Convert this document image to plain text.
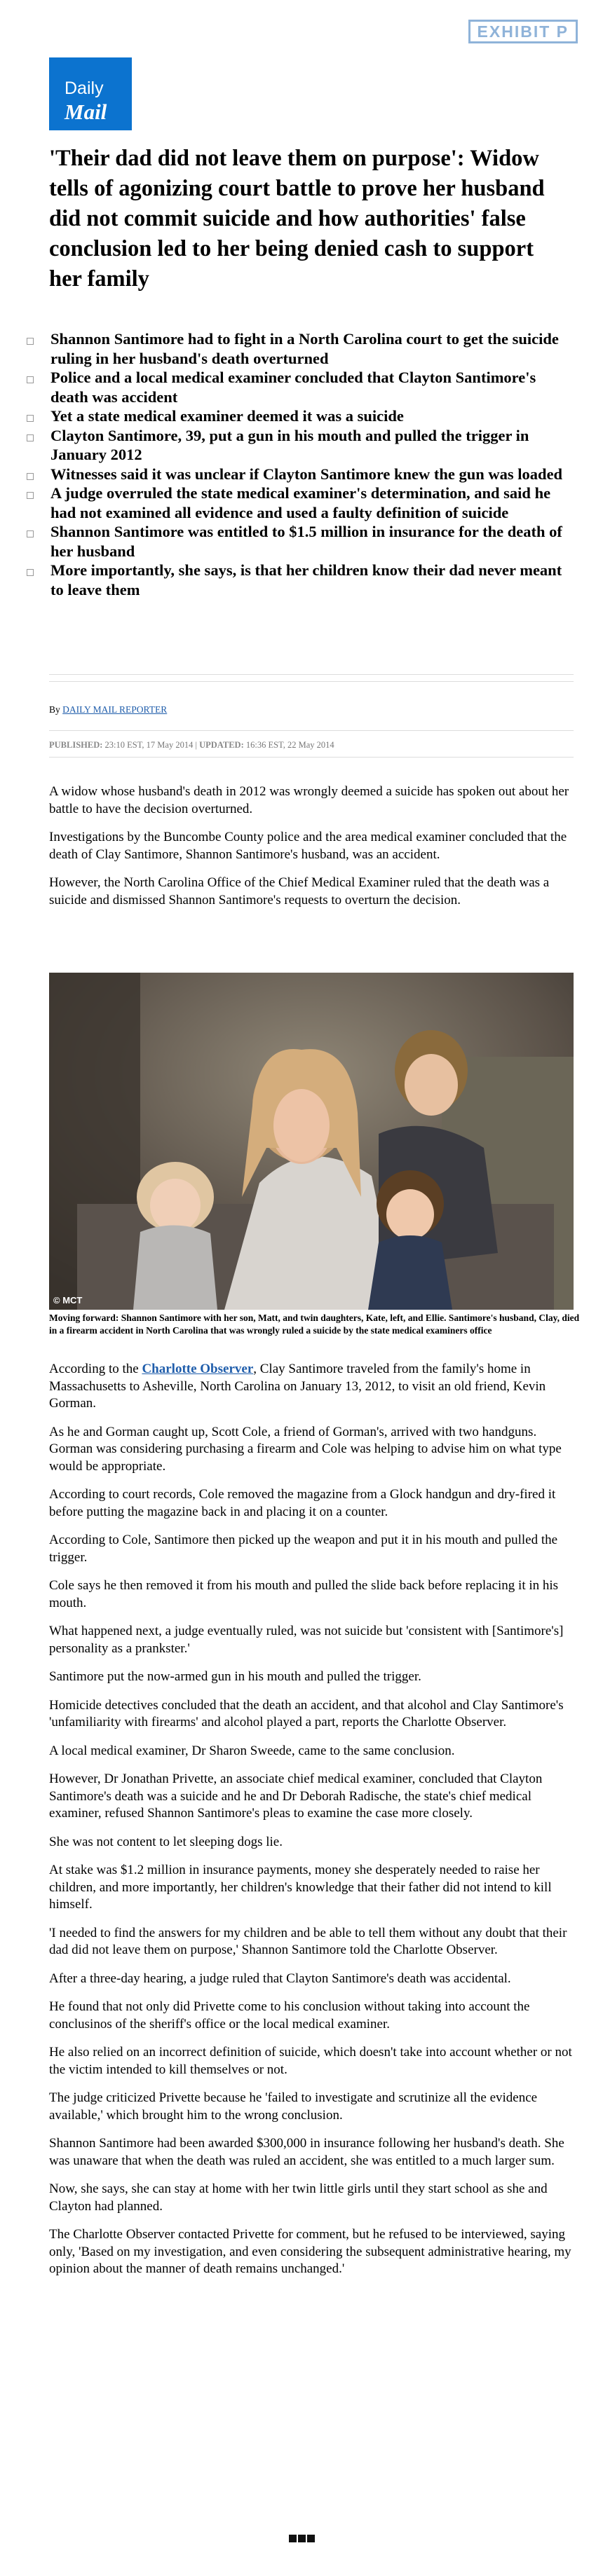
EXHIBIT P
Daily
Mail
'Their dad did not leave them on purpose': Widow tells of agonizing court battle to prove her husband did not commit suicide and how authorities' false conclusion led to her being denied cash to support her family
Shannon Santimore had to fight in a North Carolina court to get the suicide ruling in her husband's death overturned
Police and a local medical examiner concluded that Clayton Santimore's death was accident
Yet a state medical examiner deemed it was a suicide
Clayton Santimore, 39, put a gun in his mouth and pulled the trigger in January 2012
Witnesses said it was unclear if Clayton Santimore knew the gun was loaded
A judge overruled the state medical examiner's determination, and said he had not examined all evidence and used a faulty definition of suicide
Shannon Santimore was entitled to $1.5 million in insurance for the death of her husband
More importantly, she says, is that her children know their dad never meant to leave them
By DAILY MAIL REPORTER
PUBLISHED: 23:10 EST, 17 May 2014 | UPDATED: 16:36 EST, 22 May 2014

A widow whose husband's death in 2012 was wrongly deemed a suicide has spoken out about her battle to have the decision overturned.

Investigations by the Buncombe County police and the area medical examiner concluded that the death of Clay Santimore, Shannon Santimore's husband, was an accident.

However, the North Carolina Office of the Chief Medical Examiner ruled that the death was a suicide and dismissed Shannon Santimore's requests to overturn the decision.

© MCT
Moving forward: Shannon Santimore with her son, Matt, and twin daughters, Kate, left, and Ellie. Santimore's husband, Clay, died in a firearm accident in North Carolina that was wrongly ruled a suicide by the state medical examiners office

According to the Charlotte Observer, Clay Santimore traveled from the family's home in Massachusetts to Asheville, North Carolina on January 13, 2012, to visit an old friend, Kevin Gorman.

As he and Gorman caught up, Scott Cole, a friend of Gorman's, arrived with two handguns. Gorman was considering purchasing a firearm and Cole was helping to advise him on what type would be appropriate.

According to court records, Cole removed the magazine from a Glock handgun and dry-fired it before putting the magazine back in and placing it on a counter.

According to Cole, Santimore then picked up the weapon and put it in his mouth and pulled the trigger.

Cole says he then removed it from his mouth and pulled the slide back before replacing it in his mouth.

What happened next, a judge eventually ruled, was not suicide but 'consistent with [Santimore's] personality as a prankster.'

Santimore put the now-armed gun in his mouth and pulled the trigger.

Homicide detectives concluded that the death an accident, and that alcohol and Clay Santimore's 'unfamiliarity with firearms' and alcohol played a part, reports the Charlotte Observer.

A local medical examiner, Dr Sharon Sweede, came to the same conclusion.

However, Dr Jonathan Privette, an associate chief medical examiner, concluded that Clayton Santimore's death was a suicide and he and Dr Deborah Radische, the state's chief medical examiner, refused Shannon Santimore's pleas to examine the case more closely.

She was not content to let sleeping dogs lie.

At stake was $1.2 million in insurance payments, money she desperately needed to raise her children, and more importantly, her children's knowledge that their father did not intend to kill himself.

'I needed to find the answers for my children and be able to tell them without any doubt that their dad did not leave them on purpose,' Shannon Santimore told the Charlotte Observer.

After a three-day hearing, a judge ruled that Clayton Santimore's death was accidental.

He found that not only did Privette come to his conclusion without taking into account the conclusinos of the sheriff's office or the local medical examiner.

He also relied on an incorrect definition of suicide, which doesn't take into account whether or not the victim intended to kill themselves or not.

The judge criticized Privette because he 'failed to investigate and scrutinize all the evidence available,' which brought him to the wrong conclusion.

Shannon Santimore had been awarded $300,000 in insurance following her husband's death. She was unaware that when the death was ruled an accident, she was entitled to a much larger sum.

Now, she says, she can stay at home with her twin little girls until they start school as she and Clayton had planned.

The Charlotte Observer contacted Privette for comment, but he refused to be interviewed, saying only, 'Based on my investigation, and even considering the subsequent administrative hearing, my opinion about the manner of death remains unchanged.'
